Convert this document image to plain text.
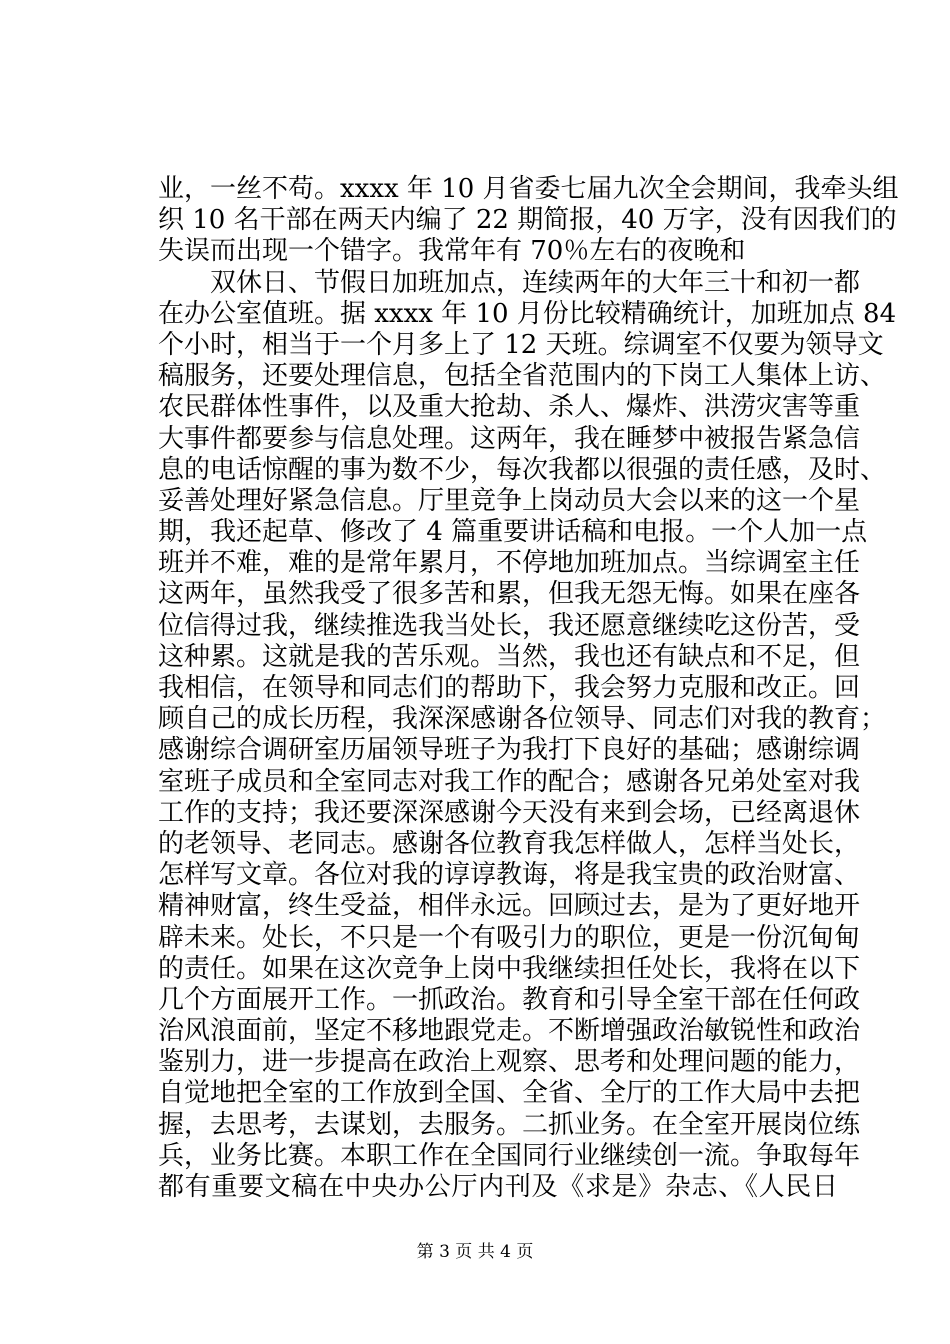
业，一丝不苟。xxxx 年 10 月省委七届九次全会期间，我牵头组
织 10 名干部在两天内编了 22 期简报，40 万字，没有因我们的
失误而出现一个错字。我常年有 70％左右的夜晚和
双休日、节假日加班加点，连续两年的大年三十和初一都
在办公室值班。据 xxxx 年 10 月份比较精确统计，加班加点 84
个小时，相当于一个月多上了 12 天班。综调室不仅要为领导文
稿服务，还要处理信息，包括全省范围内的下岗工人集体上访、
农民群体性事件，以及重大抢劫、杀人、爆炸、洪涝灾害等重
大事件都要参与信息处理。这两年，我在睡梦中被报告紧急信
息的电话惊醒的事为数不少，每次我都以很强的责任感，及时、
妥善处理好紧急信息。厅里竞争上岗动员大会以来的这一个星
期，我还起草、修改了 4 篇重要讲话稿和电报。一个人加一点
班并不难，难的是常年累月，不停地加班加点。当综调室主任
这两年，虽然我受了很多苦和累，但我无怨无悔。如果在座各
位信得过我，继续推选我当处长，我还愿意继续吃这份苦，受
这种累。这就是我的苦乐观。当然，我也还有缺点和不足，但
我相信，在领导和同志们的帮助下，我会努力克服和改正。回
顾自己的成长历程，我深深感谢各位领导、同志们对我的教育；
感谢综合调研室历届领导班子为我打下良好的基础；感谢综调
室班子成员和全室同志对我工作的配合；感谢各兄弟处室对我
工作的支持；我还要深深感谢今天没有来到会场，已经离退休
的老领导、老同志。感谢各位教育我怎样做人，怎样当处长，
怎样写文章。各位对我的谆谆教诲，将是我宝贵的政治财富、
精神财富，终生受益，相伴永远。回顾过去，是为了更好地开
辟未来。处长，不只是一个有吸引力的职位，更是一份沉甸甸
的责任。如果在这次竞争上岗中我继续担任处长，我将在以下
几个方面展开工作。一抓政治。教育和引导全室干部在任何政
治风浪面前，坚定不移地跟党走。不断增强政治敏锐性和政治
鉴别力，进一步提高在政治上观察、思考和处理问题的能力，
自觉地把全室的工作放到全国、全省、全厅的工作大局中去把
握，去思考，去谋划，去服务。二抓业务。在全室开展岗位练
兵，业务比赛。本职工作在全国同行业继续创一流。争取每年
都有重要文稿在中央办公厅内刊及《求是》杂志、《人民日
第 3 页 共 4 页
